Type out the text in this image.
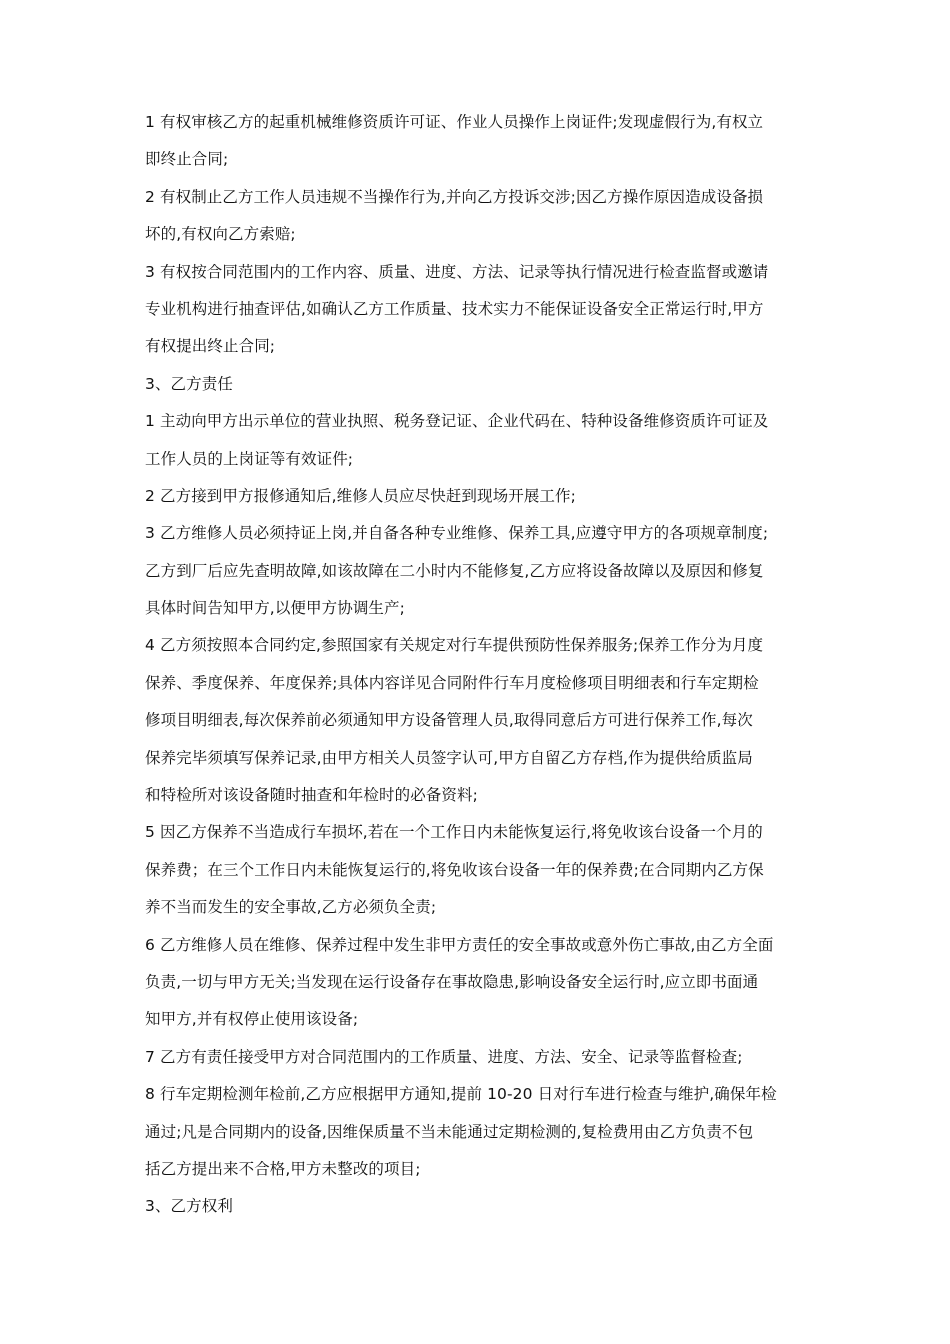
1 有权审核乙方的起重机械维修资质许可证、作业人员操作上岗证件;发现虚假行为,有权立
即终止合同;
2 有权制止乙方工作人员违规不当操作行为,并向乙方投诉交涉;因乙方操作原因造成设备损
坏的,有权向乙方索赔;
3 有权按合同范围内的工作内容、质量、进度、方法、记录等执行情况进行检查监督或邀请
专业机构进行抽查评估,如确认乙方工作质量、技术实力不能保证设备安全正常运行时,甲方
有权提出终止合同;
3、乙方责任
1 主动向甲方出示单位的营业执照、税务登记证、企业代码在、特种设备维修资质许可证及
工作人员的上岗证等有效证件;
2 乙方接到甲方报修通知后,维修人员应尽快赶到现场开展工作;
3 乙方维修人员必须持证上岗,并自备各种专业维修、保养工具,应遵守甲方的各项规章制度;
乙方到厂后应先查明故障,如该故障在二小时内不能修复,乙方应将设备故障以及原因和修复
具体时间告知甲方,以便甲方协调生产;
4 乙方须按照本合同约定,参照国家有关规定对行车提供预防性保养服务;保养工作分为月度
保养、季度保养、年度保养;具体内容详见合同附件行车月度检修项目明细表和行车定期检
修项目明细表,每次保养前必须通知甲方设备管理人员,取得同意后方可进行保养工作,每次
保养完毕须填写保养记录,由甲方相关人员签字认可,甲方自留乙方存档,作为提供给质监局
和特检所对该设备随时抽查和年检时的必备资料;
5 因乙方保养不当造成行车损坏,若在一个工作日内未能恢复运行,将免收该台设备一个月的
保养费；在三个工作日内未能恢复运行的,将免收该台设备一年的保养费;在合同期内乙方保
养不当而发生的安全事故,乙方必须负全责;
6 乙方维修人员在维修、保养过程中发生非甲方责任的安全事故或意外伤亡事故,由乙方全面
负责,一切与甲方无关;当发现在运行设备存在事故隐患,影响设备安全运行时,应立即书面通
知甲方,并有权停止使用该设备;
7 乙方有责任接受甲方对合同范围内的工作质量、进度、方法、安全、记录等监督检查;
8 行车定期检测年检前,乙方应根据甲方通知,提前 10-20 日对行车进行检查与维护,确保年检
通过;凡是合同期内的设备,因维保质量不当未能通过定期检测的,复检费用由乙方负责不包
括乙方提出来不合格,甲方未整改的项目;
3、乙方权利
